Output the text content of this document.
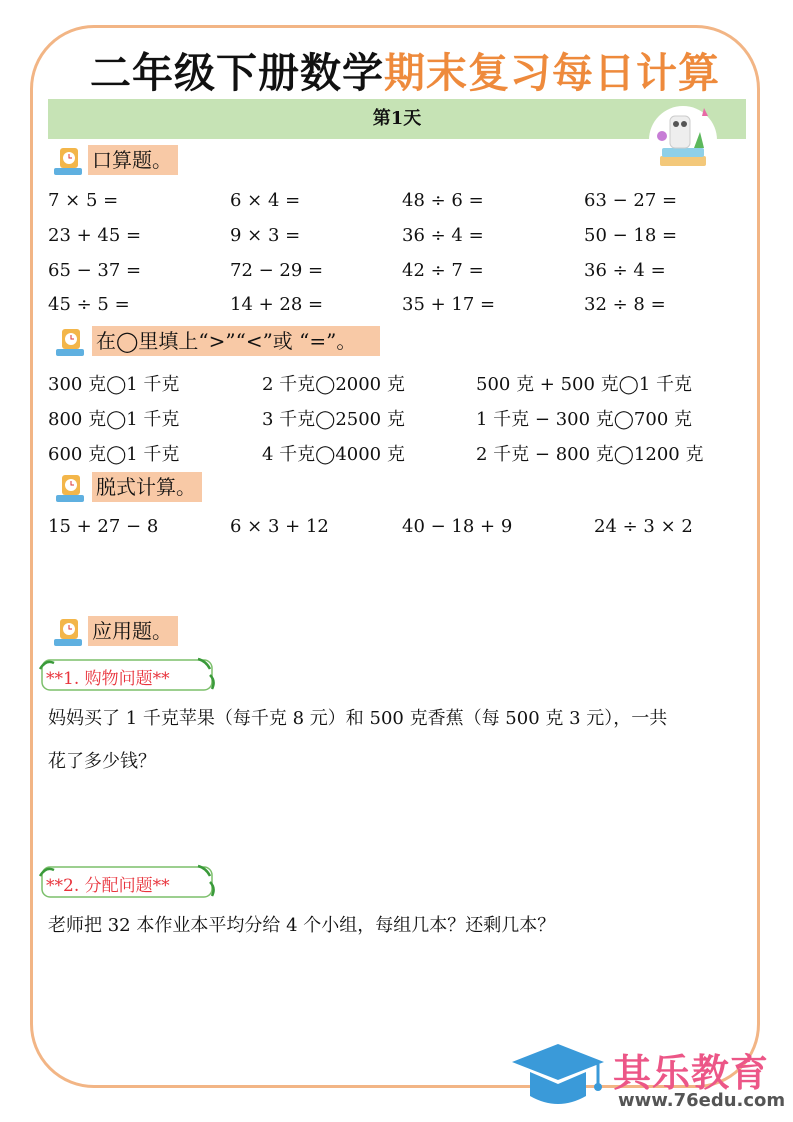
二年级下册数学期末复习每日计算
第1天
口算题。
7 × 5 =	6 × 4 =	48 ÷ 6 =	63 − 27 =
23 + 45 =	9 × 3 =	36 ÷ 4 =	50 − 18 =
65 − 37 =	72 − 29 =	42 ÷ 7 =	36 ÷ 4 =
45 ÷ 5 =	14 + 28 =	35 + 17 =	32 ÷ 8 =
在◯里填上“>”“<”或 “=”。
300 克◯1 千克	2 千克◯2000 克	500 克 + 500 克◯1 千克
800 克◯1 千克	3 千克◯2500 克	1 千克 − 300 克◯700 克
600 克◯1 千克	4 千克◯4000 克	2 千克 − 800 克◯1200 克
脱式计算。
15 + 27 − 8	6 × 3 + 12	40 − 18 + 9	24 ÷ 3 × 2
应用题。
**1. 购物问题**
妈妈买了 1 千克苹果（每千克 8 元）和 500 克香蕉（每 500 克 3 元），一共
花了多少钱？
**2. 分配问题**
老师把 32 本作业本平均分给 4 个小组，每组几本？还剩几本？
其乐教育
www.76edu.com
